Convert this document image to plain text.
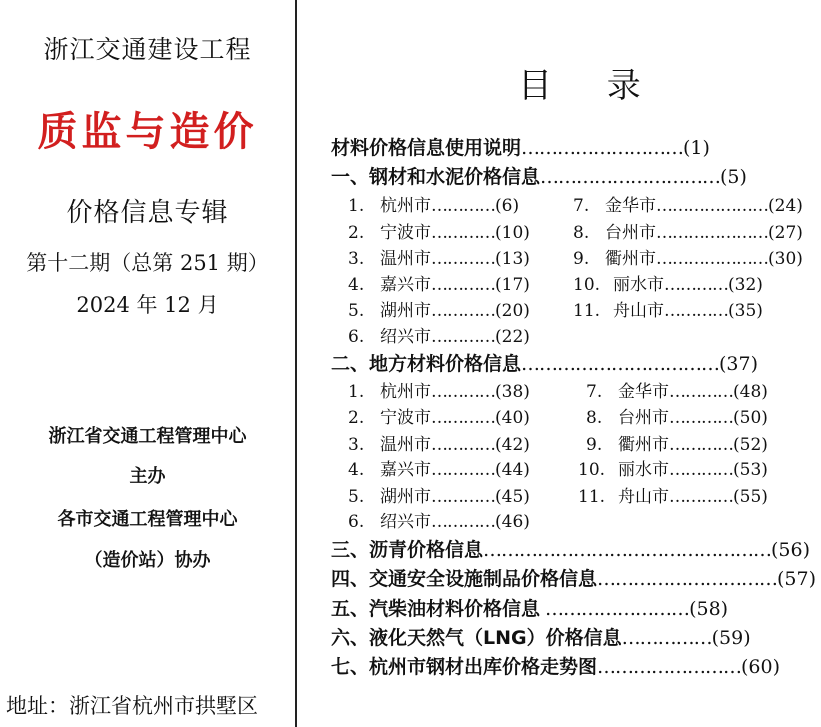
浙江交通建设工程
质监与造价
价格信息专辑
第十二期（总第 251 期）
2024 年 12 月
浙江省交通工程管理中心
主办
各市交通工程管理中心
（造价站）协办
地址：浙江省杭州市拱墅区
目 录
材料价格信息使用说明………………………(1)
一、钢材和水泥价格信息…………………………(5)
1. 杭州市…………(6)
2. 宁波市…………(10)
3. 温州市…………(13)
4. 嘉兴市…………(17)
5. 湖州市…………(20)
6. 绍兴市…………(22)
7. 金华市…………………(24)
8. 台州市…………………(27)
9. 衢州市…………………(30)
10. 丽水市…………(32)
11. 舟山市…………(35)
二、地方材料价格信息……………………………(37)
1. 杭州市…………(38)
2. 宁波市…………(40)
3. 温州市…………(42)
4. 嘉兴市…………(44)
5. 湖州市…………(45)
6. 绍兴市…………(46)
7. 金华市…………(48)
8. 台州市…………(50)
9. 衢州市…………(52)
10. 丽水市…………(53)
11. 舟山市…………(55)
三、沥青价格信息…………………………………………(56)
四、交通安全设施制品价格信息…………………………(57)
五、汽柴油材料价格信息 ……………………(58)
六、液化天然气（LNG）价格信息……………(59)
七、杭州市钢材出库价格走势图……………………(60)
